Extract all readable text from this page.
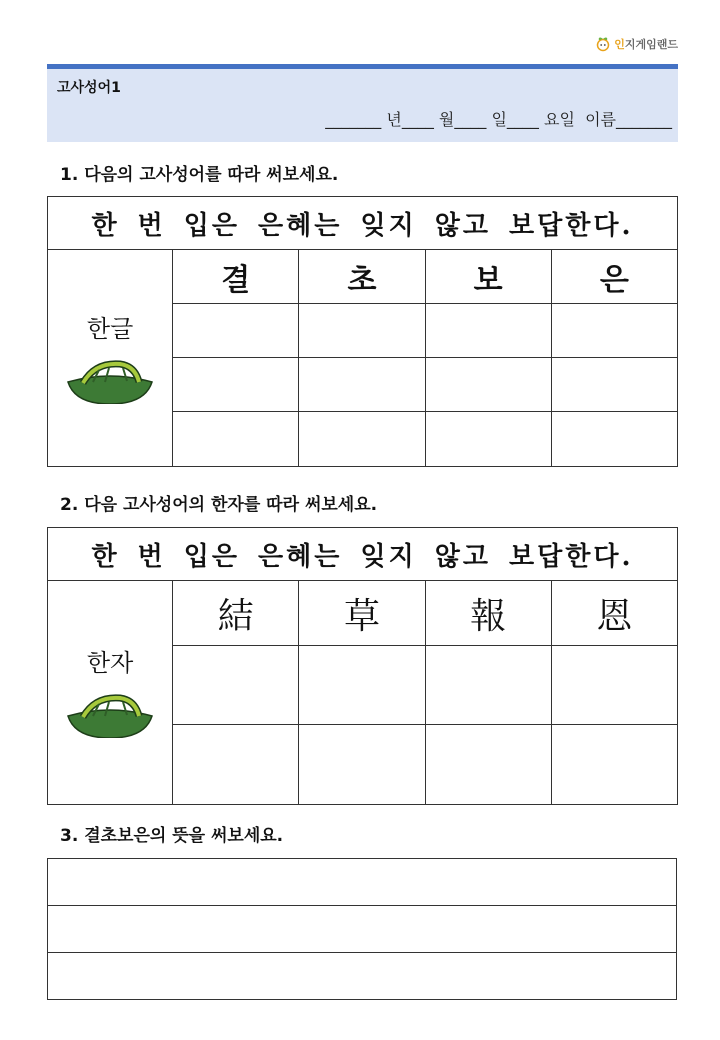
인지게임랜드
고사성어1
_______ 년____ 월____ 일____ 요일  이름_______
1. 다음의 고사성어를 따라 써보세요.
한 번 입은 은혜는 잊지 않고 보답한다.				

한글	결	초	보	은

2. 다음 고사성어의 한자를 따라 써보세요.
한 번 입은 은혜는 잊지 않고 보답한다.				

한자	結	草	報	恩

3. 결초보은의 뜻을 써보세요.
